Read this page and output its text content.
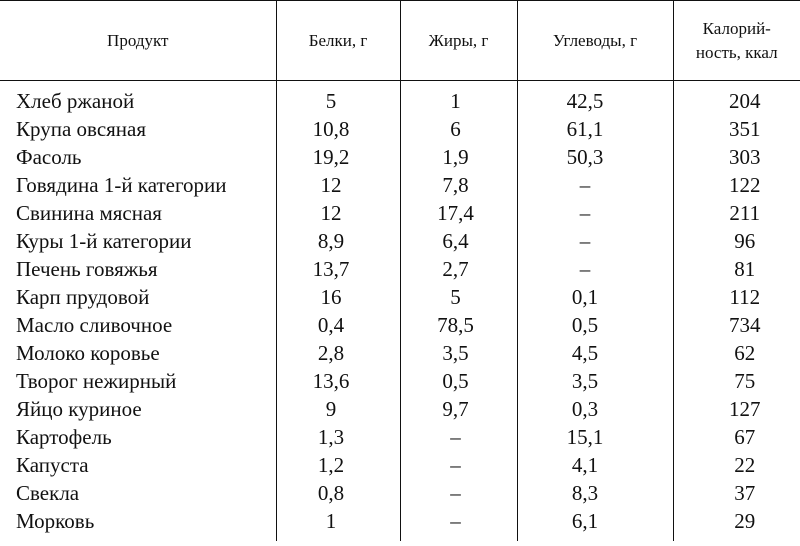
Продукт	Белки, г	Жиры, г	Углеводы, г	Калорий-
ность, ккал
Хлеб ржаной	5	1	42,5	204
Крупа овсяная	10,8	6	61,1	351
Фасоль	19,2	1,9	50,3	303
Говядина 1-й категории	12	7,8	–	122
Свинина мясная	12	17,4	–	211
Куры 1-й категории	8,9	6,4	–	96
Печень говяжья	13,7	2,7	–	81
Карп прудовой	16	5	0,1	112
Масло сливочное	0,4	78,5	0,5	734
Молоко коровье	2,8	3,5	4,5	62
Творог нежирный	13,6	0,5	3,5	75
Яйцо куриное	9	9,7	0,3	127
Картофель	1,3	–	15,1	67
Капуста	1,2	–	4,1	22
Свекла	0,8	–	8,3	37
Морковь	1	–	6,1	29
